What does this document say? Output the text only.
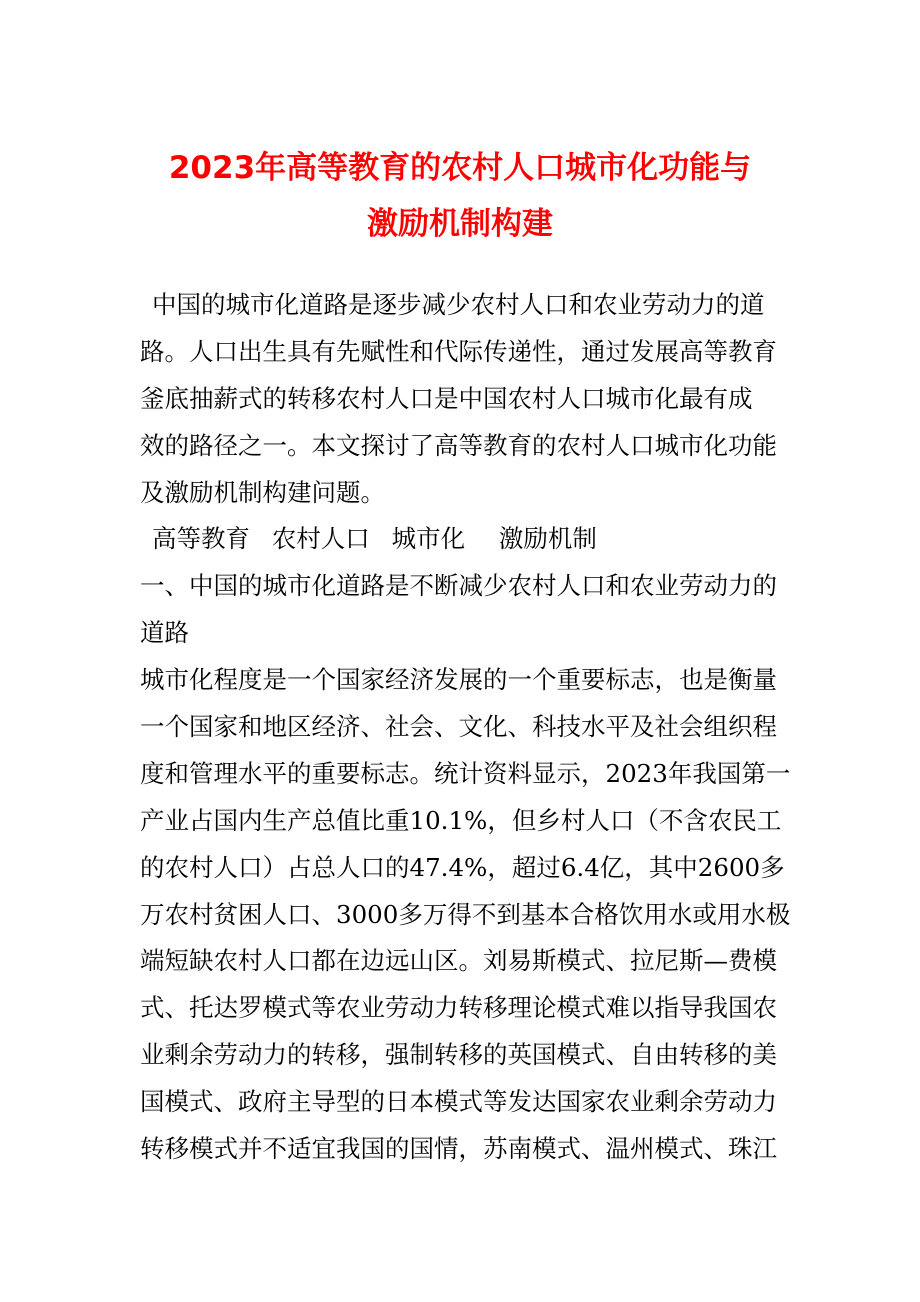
2023年高等教育的农村人口城市化功能与
激励机制构建
中国的城市化道路是逐步减少农村人口和农业劳动力的道
路。人口出生具有先赋性和代际传递性，通过发展高等教育
釜底抽薪式的转移农村人口是中国农村人口城市化最有成
效的路径之一。本文探讨了高等教育的农村人口城市化功能
及激励机制构建问题。
高等教育 农村人口 城市化 激励机制
一、中国的城市化道路是不断减少农村人口和农业劳动力的
道路
城市化程度是一个国家经济发展的一个重要标志，也是衡量
一个国家和地区经济、社会、文化、科技水平及社会组织程
度和管理水平的重要标志。统计资料显示，2023年我国第一
产业占国内生产总值比重10.1%，但乡村人口（不含农民工
的农村人口）占总人口的47.4%，超过6.4亿，其中2600多
万农村贫困人口、3000多万得不到基本合格饮用水或用水极
端短缺农村人口都在边远山区。刘易斯模式、拉尼斯—费模
式、托达罗模式等农业劳动力转移理论模式难以指导我国农
业剩余劳动力的转移，强制转移的英国模式、自由转移的美
国模式、政府主导型的日本模式等发达国家农业剩余劳动力
转移模式并不适宜我国的国情，苏南模式、温州模式、珠江
